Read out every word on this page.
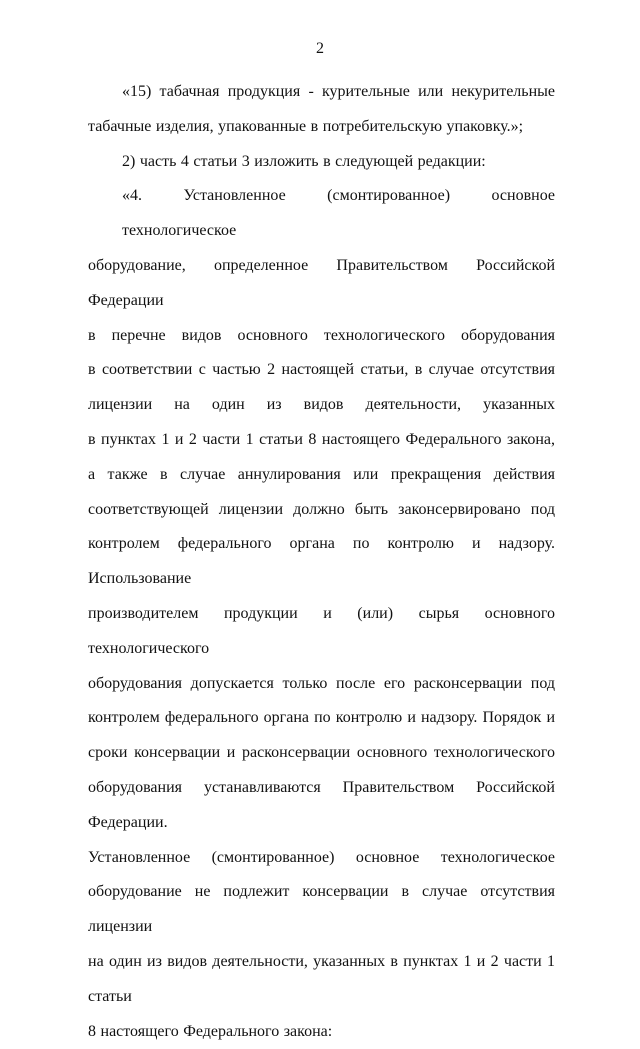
2
«15) табачная продукция - курительные или некурительные
табачные изделия, упакованные в потребительскую упаковку.»;
2) часть 4 статьи 3 изложить в следующей редакции:
«4. Установленное (смонтированное) основное технологическое
оборудование, определенное Правительством Российской Федерации
в перечне видов основного технологического оборудования
в соответствии с частью 2 настоящей статьи, в случае отсутствия
лицензии на один из видов деятельности, указанных
в пунктах 1 и 2 части 1 статьи 8 настоящего Федерального закона,
а также в случае аннулирования или прекращения действия
соответствующей лицензии должно быть законсервировано под
контролем федерального органа по контролю и надзору. Использование
производителем продукции и (или) сырья основного технологического
оборудования допускается только после его расконсервации под
контролем федерального органа по контролю и надзору. Порядок и
сроки консервации и расконсервации основного технологического
оборудования устанавливаются Правительством Российской Федерации.
Установленное (смонтированное) основное технологическое
оборудование не подлежит консервации в случае отсутствия лицензии
на один из видов деятельности, указанных в пунктах 1 и 2 части 1 статьи
8 настоящего Федерального закона:
